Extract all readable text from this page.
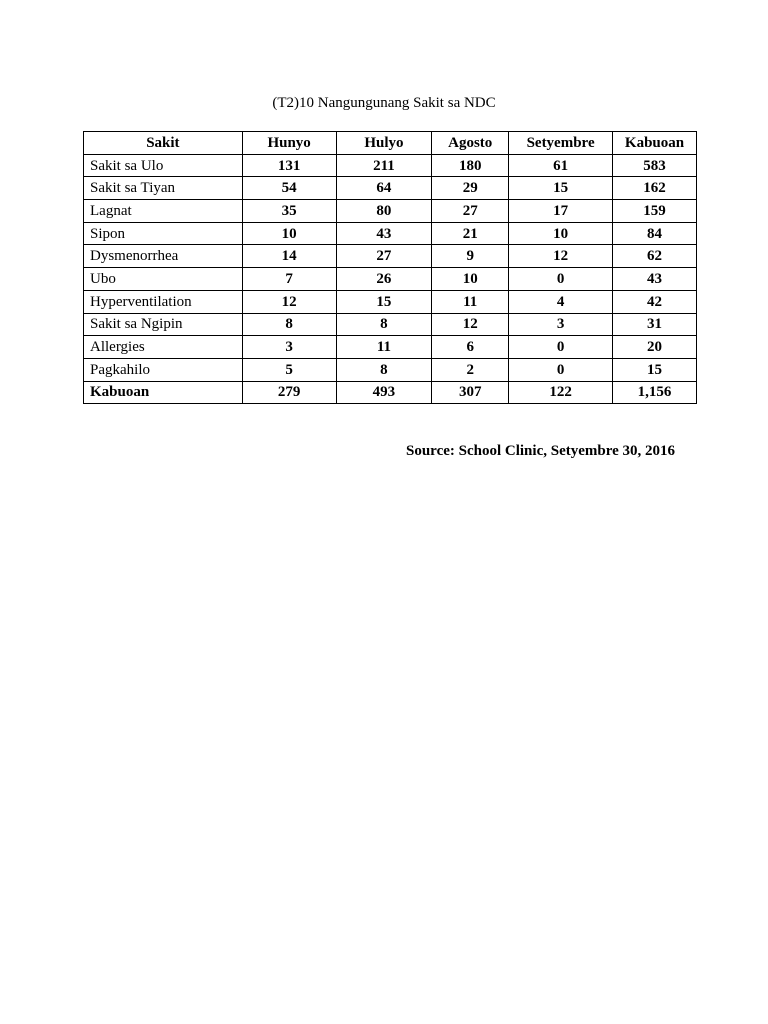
(T2)10 Nangungunang Sakit sa NDC
Sakit	Hunyo	Hulyo	Agosto	Setyembre	Kabuoan
Sakit sa Ulo	131	211	180	61	583
Sakit sa Tiyan	54	64	29	15	162
Lagnat	35	80	27	17	159
Sipon	10	43	21	10	84
Dysmenorrhea	14	27	9	12	62
Ubo	7	26	10	0	43
Hyperventilation	12	15	11	4	42
Sakit sa Ngipin	8	8	12	3	31
Allergies	3	11	6	0	20
Pagkahilo	5	8	2	0	15
Kabuoan	279	493	307	122	1,156
Source: School Clinic, Setyembre 30, 2016
